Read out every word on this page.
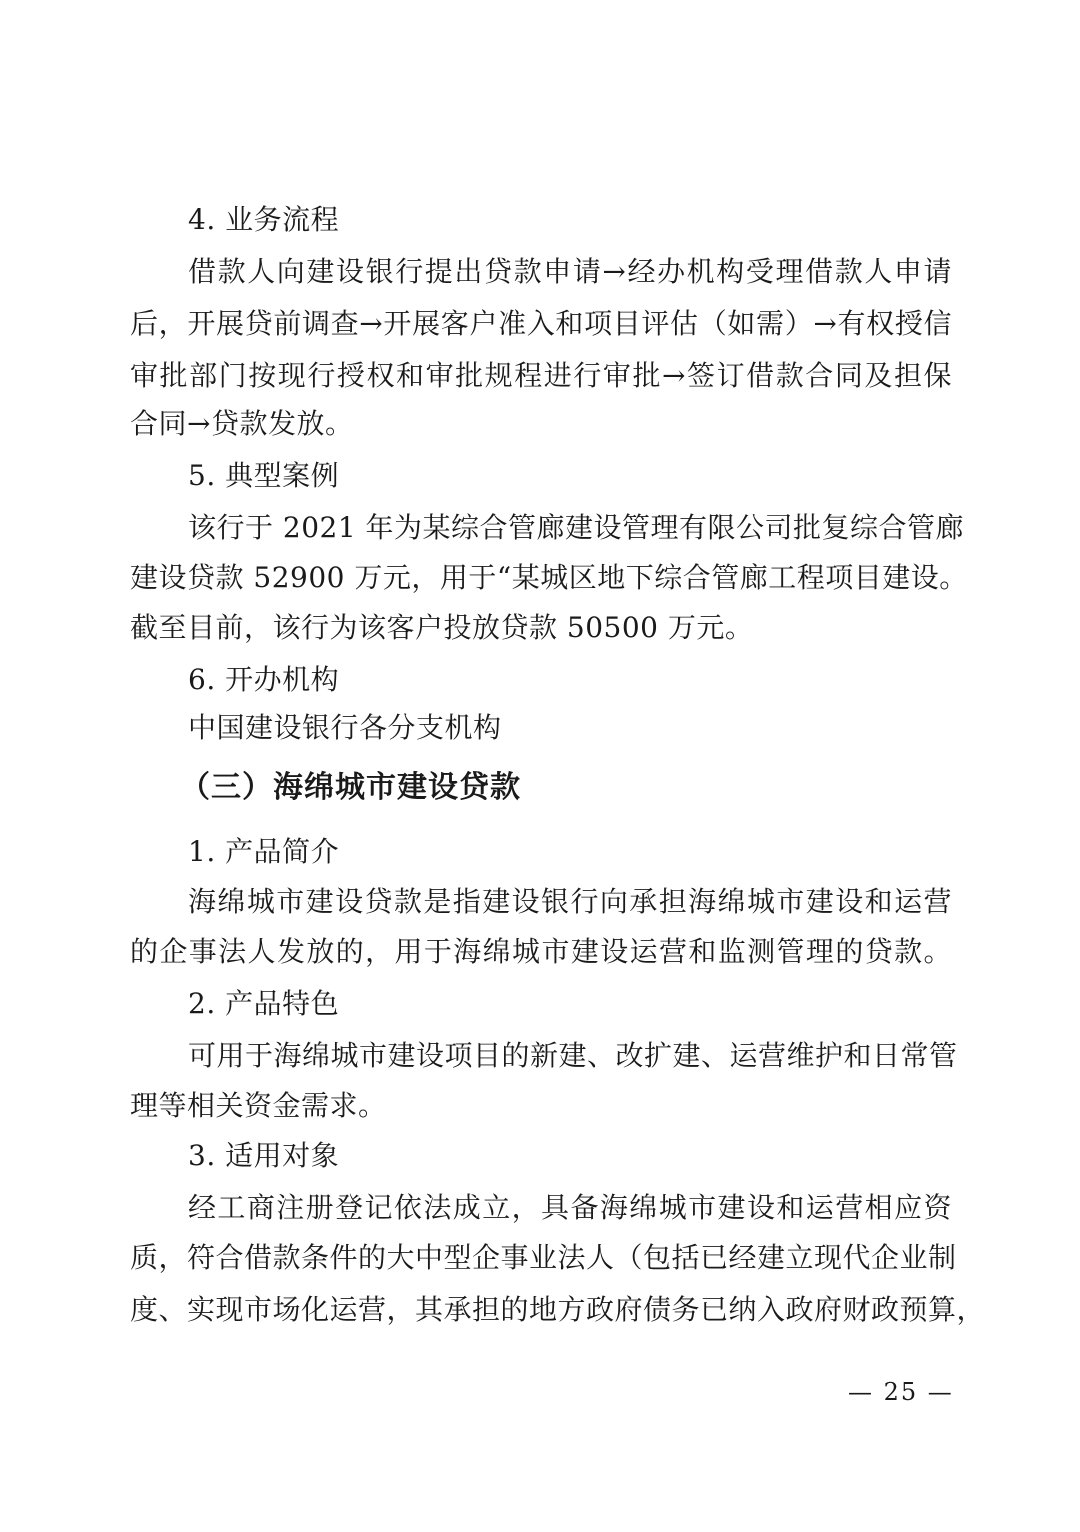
4. 业务流程
借款人向建设银行提出贷款申请→经办机构受理借款人申请
后，开展贷前调查→开展客户准入和项目评估（如需）→有权授信
审批部门按现行授权和审批规程进行审批→签订借款合同及担保
合同→贷款发放。
5. 典型案例
该行于 2021 年为某综合管廊建设管理有限公司批复综合管廊
建设贷款 52900 万元，用于“某城区地下综合管廊工程项目建设。
截至目前，该行为该客户投放贷款 50500 万元。
6. 开办机构
中国建设银行各分支机构
（三）海绵城市建设贷款
1. 产品简介
海绵城市建设贷款是指建设银行向承担海绵城市建设和运营
的企事法人发放的，用于海绵城市建设运营和监测管理的贷款。
2. 产品特色
可用于海绵城市建设项目的新建、改扩建、运营维护和日常管
理等相关资金需求。
3. 适用对象
经工商注册登记依法成立，具备海绵城市建设和运营相应资
质，符合借款条件的大中型企事业法人（包括已经建立现代企业制
度、实现市场化运营，其承担的地方政府债务已纳入政府财政预算，
— 25 —
